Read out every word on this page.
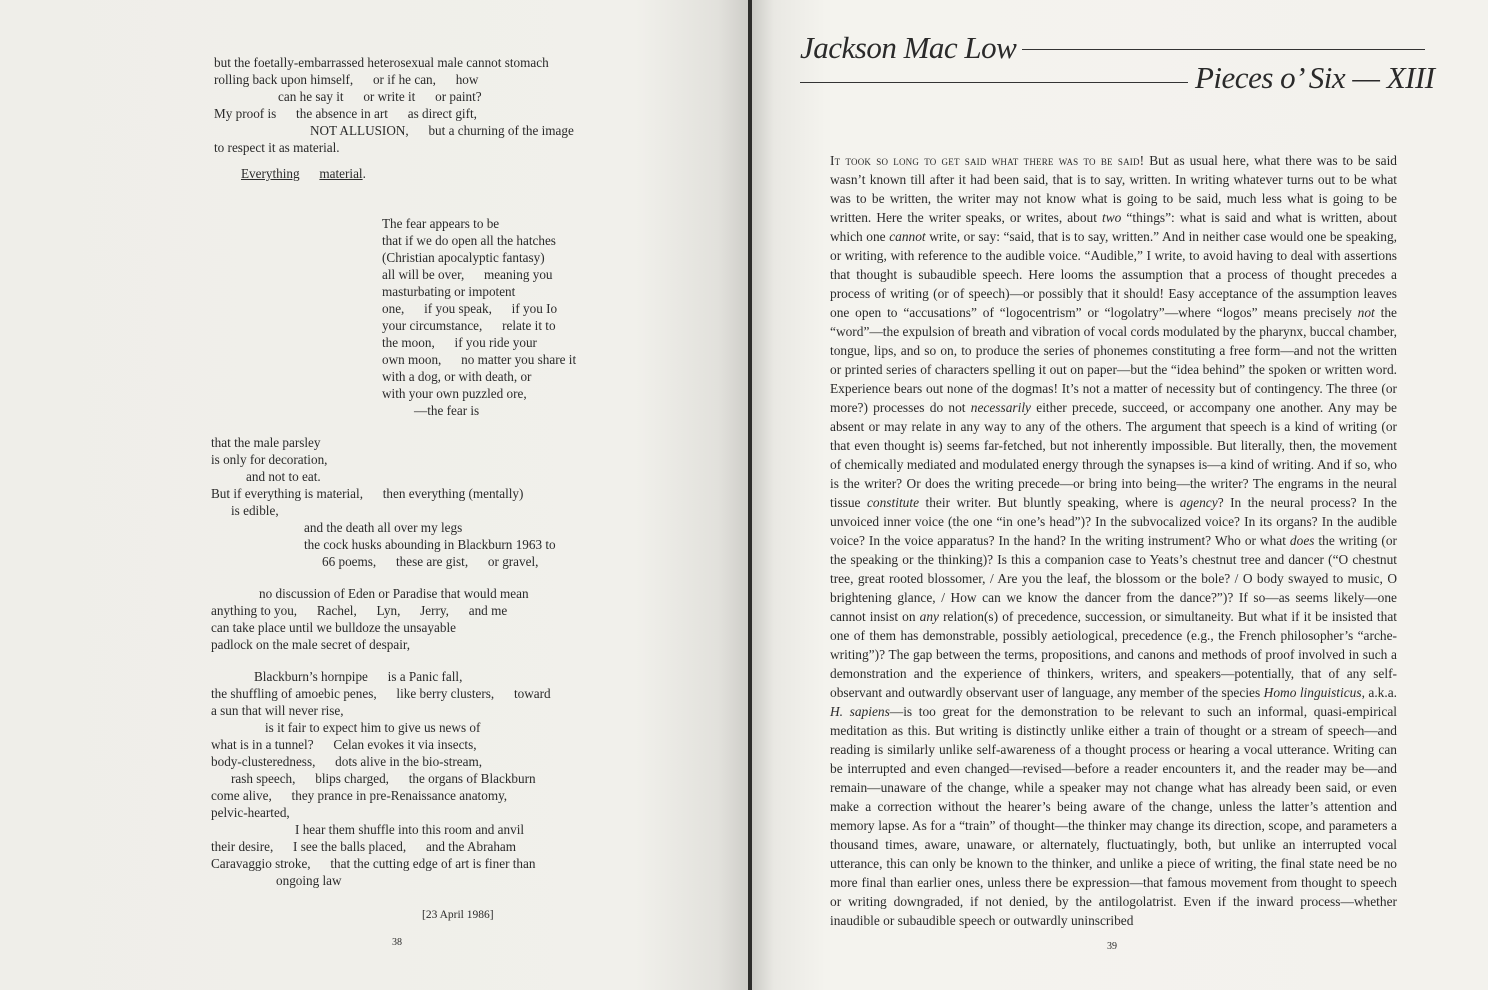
but the foetally-embarrassed heterosexual male cannot stomach
rolling back upon himself,      or if he can,      how
can he say it      or write it      or paint?
My proof is      the absence in art      as direct gift,
NOT ALLUSION,      but a churning of the image
to respect it as material.
The fear appears to be
that if we do open all the hatches
(Christian apocalyptic fantasy)
all will be over,      meaning you
masturbating or impotent
one,      if you speak,      if you Io
your circumstance,      relate it to
the moon,      if you ride your
own moon,      no matter you share it
with a dog, or with death, or
with your own puzzled ore,
—the fear is
that the male parsley
is only for decoration,
and not to eat.
But if everything is material,      then everything (mentally)
is edible,
and the death all over my legs
the cock husks abounding in Blackburn 1963 to
66 poems,      these are gist,      or gravel,
no discussion of Eden or Paradise that would mean
anything to you,      Rachel,      Lyn,      Jerry,      and me
can take place until we bulldoze the unsayable
padlock on the male secret of despair,
Blackburn’s hornpipe      is a Panic fall,
the shuffling of amoebic penes,      like berry clusters,      toward
a sun that will never rise,
is it fair to expect him to give us news of
what is in a tunnel?      Celan evokes it via insects,
body-clusteredness,      dots alive in the bio-stream,
rash speech,      blips charged,      the organs of Blackburn
come alive,      they prance in pre-Renaissance anatomy,
pelvic-hearted,
I hear them shuffle into this room and anvil
their desire,      I see the balls placed,      and the Abraham
Caravaggio stroke,      that the cutting edge of art is finer than
ongoing law
Everything material.
[23 April 1986]
38
Jackson Mac Low
Pieces o’ Six — XIII

It took so long to get said what there was to be said! But as usual here, what there was to be said wasn’t known till after it had been said, that is to say, written. In writing whatever turns out to be what was to be written, the writer may not know what is going to be said, much less what is going to be written. Here the writer speaks, or writes, about two “things”: what is said and what is written, about which one cannot write, or say: “said, that is to say, written.” And in neither case would one be speaking, or writing, with reference to the audible voice. “Audible,” I write, to avoid having to deal with assertions that thought is subaudible speech. Here looms the assumption that a process of thought precedes a process of writing (or of speech)—or possibly that it should! Easy acceptance of the assumption leaves one open to “accusations” of “logocentrism” or “logolatry”—where “logos” means precisely not the “word”—the expulsion of breath and vibration of vocal cords modulated by the pharynx, buccal chamber, tongue, lips, and so on, to produce the series of phonemes constituting a free form—and not the written or printed series of characters spelling it out on paper—but the “idea behind” the spoken or written word. Experience bears out none of the dogmas! It’s not a matter of necessity but of contingency. The three (or more?) processes do not necessarily either precede, succeed, or accompany one another. Any may be absent or may relate in any way to any of the others. The argument that speech is a kind of writing (or that even thought is) seems far-fetched, but not inherently impossible. But literally, then, the movement of chemically mediated and modulated energy through the synapses is—a kind of writing. And if so, who is the writer? Or does the writing precede—or bring into being—the writer? The engrams in the neural tissue constitute their writer. But bluntly speaking, where is agency? In the neural process? In the unvoiced inner voice (the one “in one’s head”)? In the subvocalized voice? In its organs? In the audible voice? In the voice apparatus? In the hand? In the writing instrument? Who or what does the writing (or the speaking or the thinking)? Is this a companion case to Yeats’s chestnut tree and dancer (“O chestnut tree, great rooted blossomer, / Are you the leaf, the blossom or the bole? / O body swayed to music, O brightening glance, / How can we know the dancer from the dance?”)? If so—as seems likely—one cannot insist on any relation(s) of precedence, succession, or simultaneity. But what if it be insisted that one of them has demonstrable, possibly aetiological, precedence (e.g., the French philosopher’s “arche-writing”)? The gap between the terms, propositions, and canons and methods of proof involved in such a demonstration and the experience of thinkers, writers, and speakers—potentially, that of any self-observant and outwardly observant user of language, any member of the species Homo linguisticus, a.k.a. H. sapiens—is too great for the demonstration to be relevant to such an informal, quasi-empirical meditation as this. But writing is distinctly unlike either a train of thought or a stream of speech—and reading is similarly unlike self-awareness of a thought process or hearing a vocal utterance. Writing can be interrupted and even changed—revised—before a reader encounters it, and the reader may be—and remain—unaware of the change, while a speaker may not change what has already been said, or even make a correction without the hearer’s being aware of the change, unless the latter’s attention and memory lapse. As for a “train” of thought—the thinker may change its direction, scope, and parameters a thousand times, aware, unaware, or alternately, fluctuatingly, both, but unlike an interrupted vocal utterance, this can only be known to the thinker, and unlike a piece of writing, the final state need be no more final than earlier ones, unless there be expression—that famous movement from thought to speech or writing downgraded, if not denied, by the antilogolatrist. Even if the inward process—whether inaudible or subaudible speech or outwardly uninscribed

39
